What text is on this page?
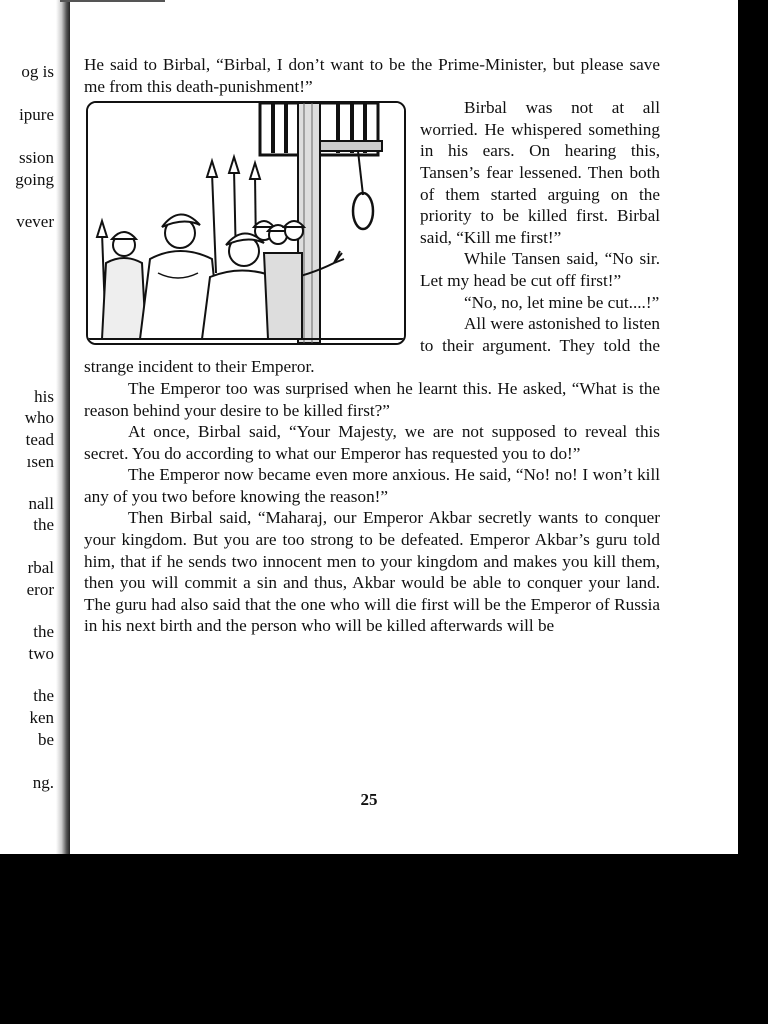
og is
ipure
ssion
going
vever
his
who
tead
ısen
nall
the
rbal
eror
the
two
the
ken
be
ng.

He said to Birbal, “Birbal, I don’t want to be the Prime-Minister, but please save me from this death-punishment!”

Birbal was not at all worried. He whispered something in his ears. On hearing this, Tansen’s fear lessened. Then both of them started arguing on the priority to be killed first. Birbal said, “Kill me first!”

While Tansen said, “No sir. Let my head be cut off first!”

“No, no, let mine be cut....!”

All were astonished to listen to their argument. They told the strange incident to their Emperor.

The Emperor too was surprised when he learnt this. He asked, “What is the reason behind your desire to be killed first?”

At once, Birbal said, “Your Majesty, we are not supposed to reveal this secret. You do according to what our Emperor has requested you to do!”

The Emperor now became even more anxious. He said, “No! no! I won’t kill any of you two before knowing the reason!”

Then Birbal said, “Maharaj, our Emperor Akbar secretly wants to conquer your kingdom. But you are too strong to be defeated. Emperor Akbar’s guru told him, that if he sends two innocent men to your kingdom and makes you kill them, then you will commit a sin and thus, Akbar would be able to conquer your land. The guru had also said that the one who will die first will be the Emperor of Russia in his next birth and the person who will be killed afterwards will be

25
